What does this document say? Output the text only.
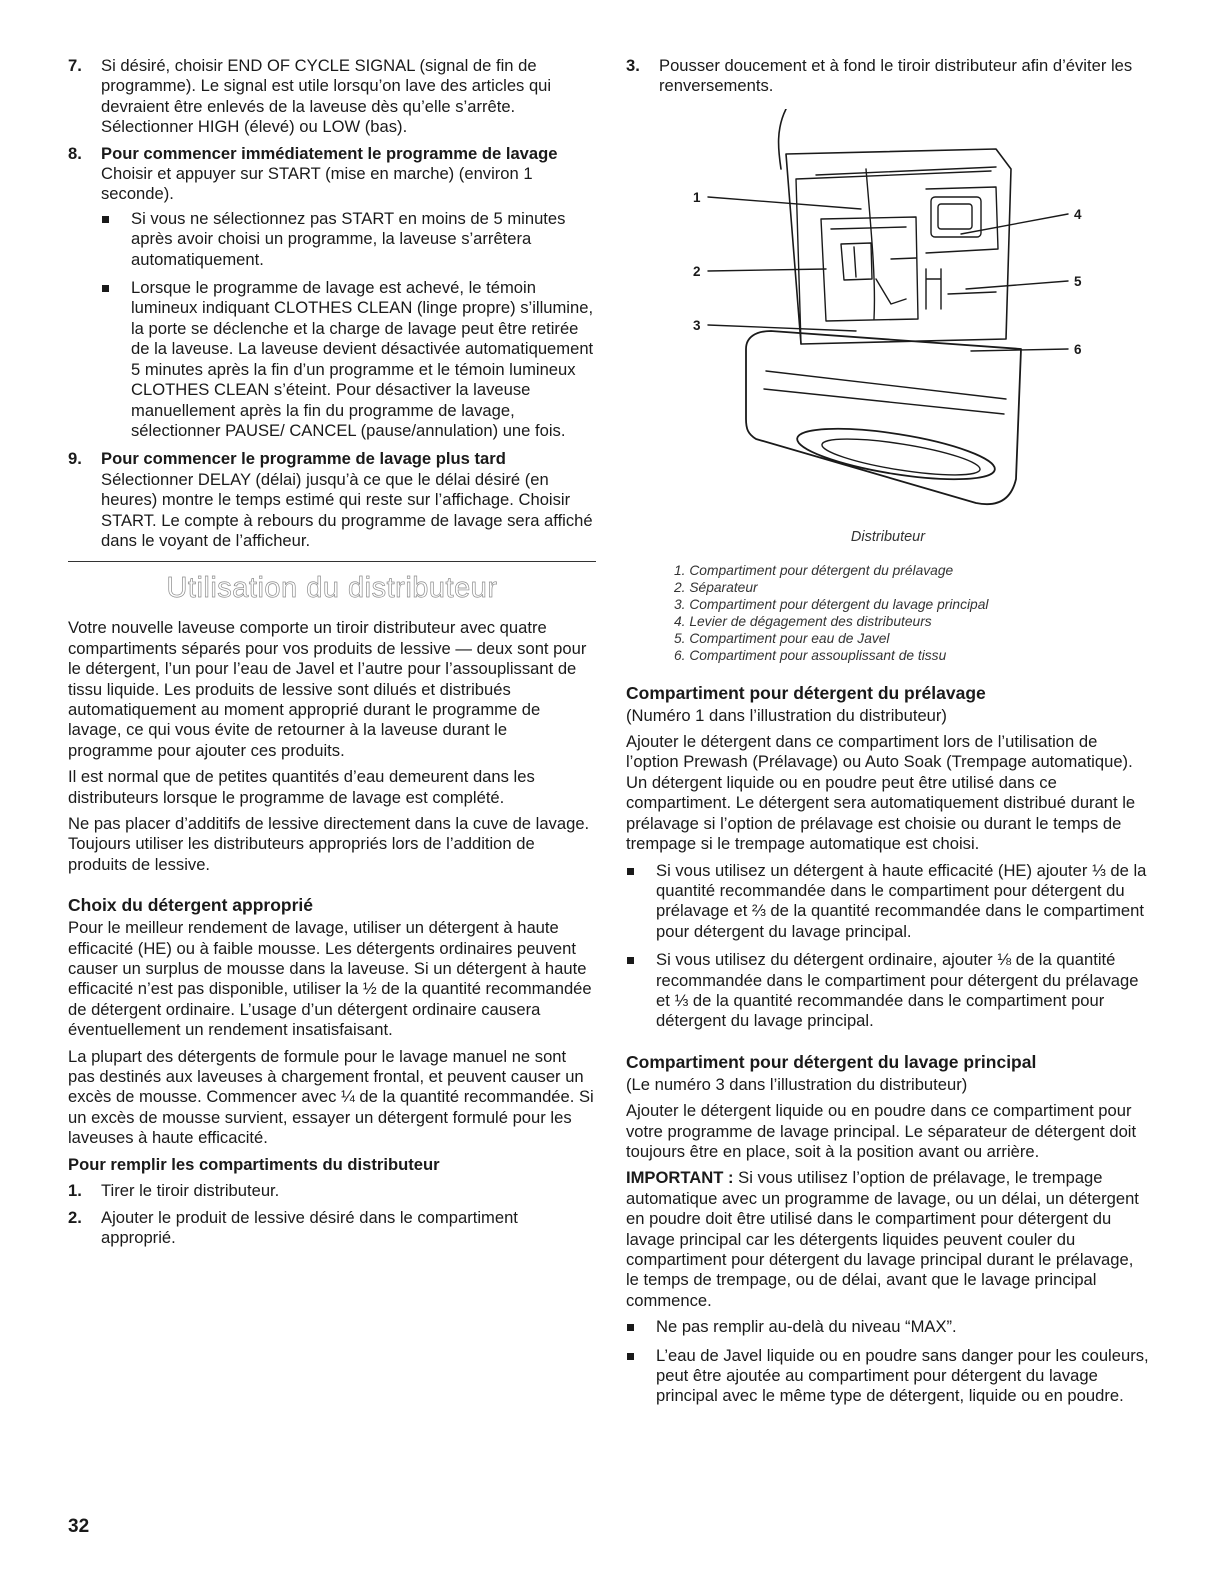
7. Si désiré, choisir END OF CYCLE SIGNAL (signal de fin de programme). Le signal est utile lorsqu’on lave des articles qui devraient être enlevés de la laveuse dès qu’elle s’arrête. Sélectionner HIGH (élevé) ou LOW (bas).
8. Pour commencer immédiatement le programme de lavage
Choisir et appuyer sur START (mise en marche) (environ 1 seconde).
Si vous ne sélectionnez pas START en moins de 5 minutes après avoir choisi un programme, la laveuse s’arrêtera automatiquement.
Lorsque le programme de lavage est achevé, le témoin lumineux indiquant CLOTHES CLEAN (linge propre) s’illumine, la porte se déclenche et la charge de lavage peut être retirée de la laveuse. La laveuse devient désactivée automatiquement 5 minutes après la fin d’un programme et le témoin lumineux CLOTHES CLEAN s’éteint. Pour désactiver la laveuse manuellement après la fin du programme de lavage, sélectionner PAUSE/ CANCEL (pause/annulation) une fois.
9. Pour commencer le programme de lavage plus tard
Sélectionner DELAY (délai) jusqu’à ce que le délai désiré (en heures) montre le temps estimé qui reste sur l’affichage. Choisir START. Le compte à rebours du programme de lavage sera affiché dans le voyant de l’afficheur.
Utilisation du distributeur

Votre nouvelle laveuse comporte un tiroir distributeur avec quatre compartiments séparés pour vos produits de lessive — deux sont pour le détergent, l’un pour l’eau de Javel et l’autre pour l’assouplissant de tissu liquide. Les produits de lessive sont dilués et distribués automatiquement au moment approprié durant le programme de lavage, ce qui vous évite de retourner à la laveuse durant le programme pour ajouter ces produits.

Il est normal que de petites quantités d’eau demeurent dans les distributeurs lorsque le programme de lavage est complété.

Ne pas placer d’additifs de lessive directement dans la cuve de lavage. Toujours utiliser les distributeurs appropriés lors de l’addition de produits de lessive.

Choix du détergent approprié

Pour le meilleur rendement de lavage, utiliser un détergent à haute efficacité (HE) ou à faible mousse. Les détergents ordinaires peuvent causer un surplus de mousse dans la laveuse. Si un détergent à haute efficacité n’est pas disponible, utiliser la ½ de la quantité recommandée de détergent ordinaire. L’usage d’un détergent ordinaire causera éventuellement un rendement insatisfaisant.

La plupart des détergents de formule pour le lavage manuel ne sont pas destinés aux laveuses à chargement frontal, et peuvent causer un excès de mousse. Commencer avec ¼ de la quantité recommandée. Si un excès de mousse survient, essayer un détergent formulé pour les laveuses à haute efficacité.

Pour remplir les compartiments du distributeur
1. Tirer le tiroir distributeur.
2. Ajouter le produit de lessive désiré dans le compartiment approprié.
3. Pousser doucement et à fond le tiroir distributeur afin d’éviter les renversements.
1
2
3
4
5
6
Distributeur
1. Compartiment pour détergent du prélavage
2. Séparateur
3. Compartiment pour détergent du lavage principal
4. Levier de dégagement des distributeurs
5. Compartiment pour eau de Javel
6. Compartiment pour assouplissant de tissu
Compartiment pour détergent du prélavage

(Numéro 1 dans l’illustration du distributeur)

Ajouter le détergent dans ce compartiment lors de l’utilisation de l’option Prewash (Prélavage) ou Auto Soak (Trempage automatique). Un détergent liquide ou en poudre peut être utilisé dans ce compartiment. Le détergent sera automatiquement distribué durant le prélavage si l’option de prélavage est choisie ou durant le temps de trempage si le trempage automatique est choisi.

Si vous utilisez un détergent à haute efficacité (HE) ajouter ⅓ de la quantité recommandée dans le compartiment pour détergent du prélavage et ⅔ de la quantité recommandée dans le compartiment pour détergent du lavage principal.
Si vous utilisez du détergent ordinaire, ajouter ⅛ de la quantité recommandée dans le compartiment pour détergent du prélavage et ⅓ de la quantité recommandée dans le compartiment pour détergent du lavage principal.
Compartiment pour détergent du lavage principal

(Le numéro 3 dans l’illustration du distributeur)

Ajouter le détergent liquide ou en poudre dans ce compartiment pour votre programme de lavage principal. Le séparateur de détergent doit toujours être en place, soit à la position avant ou arrière.

IMPORTANT : Si vous utilisez l’option de prélavage, le trempage automatique avec un programme de lavage, ou un délai, un détergent en poudre doit être utilisé dans le compartiment pour détergent du lavage principal car les détergents liquides peuvent couler du compartiment pour détergent du lavage principal durant le prélavage, le temps de trempage, ou de délai, avant que le lavage principal commence.

Ne pas remplir au-delà du niveau “MAX”.
L’eau de Javel liquide ou en poudre sans danger pour les couleurs, peut être ajoutée au compartiment pour détergent du lavage principal avec le même type de détergent, liquide ou en poudre.
32
